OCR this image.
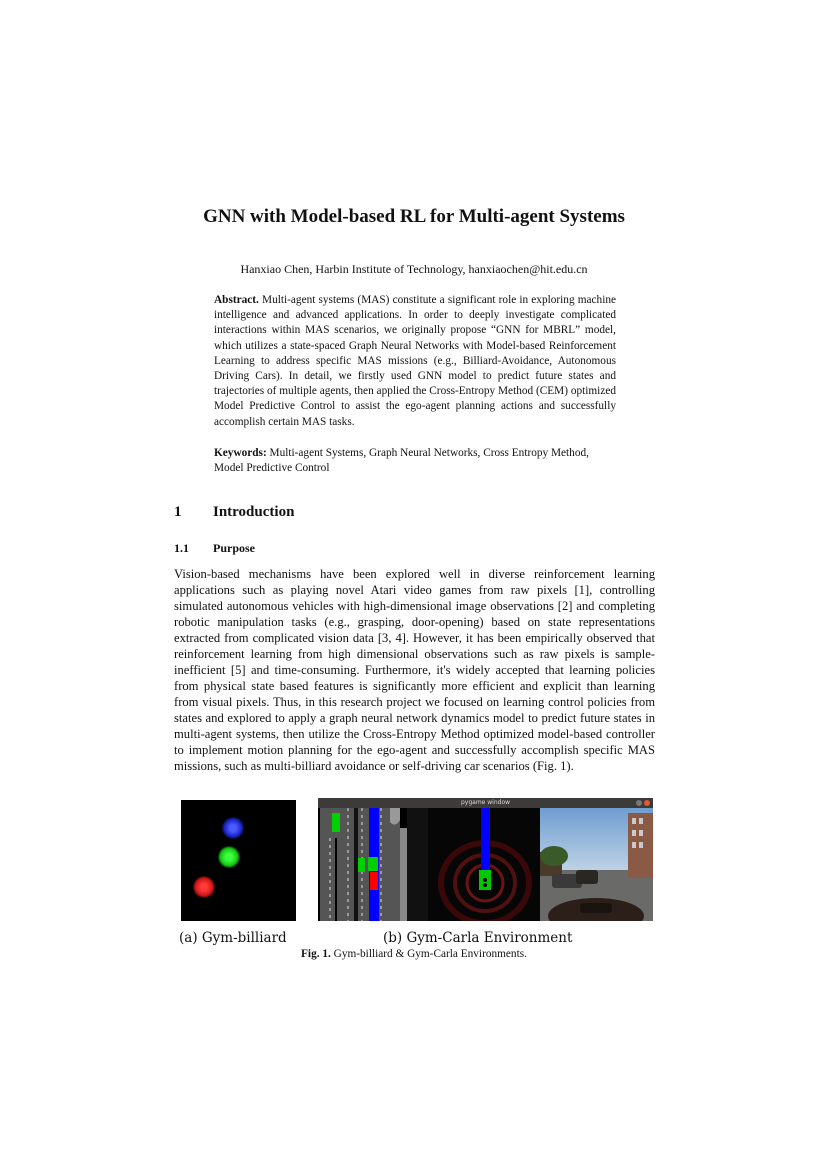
GNN with Model-based RL for Multi-agent Systems
Hanxiao Chen, Harbin Institute of Technology, hanxiaochen@hit.edu.cn
Abstract. Multi-agent systems (MAS) constitute a significant role in exploring machine intelligence and advanced applications. In order to deeply investigate complicated interactions within MAS scenarios, we originally propose “GNN for MBRL” model, which utilizes a state-spaced Graph Neural Networks with Model-based Reinforcement Learning to address specific MAS missions (e.g., Billiard-Avoidance, Autonomous Driving Cars). In detail, we firstly used GNN model to predict future states and trajectories of multiple agents, then applied the Cross-Entropy Method (CEM) optimized Model Predictive Control to assist the ego-agent planning actions and successfully accomplish certain MAS tasks.
Keywords: Multi-agent Systems, Graph Neural Networks, Cross Entropy Method, Model Predictive Control
1 Introduction
1.1 Purpose
Vision-based mechanisms have been explored well in diverse reinforcement learning applications such as playing novel Atari video games from raw pixels [1], controlling simulated autonomous vehicles with high-dimensional image observations [2] and completing robotic manipulation tasks (e.g., grasping, door-opening) based on state representations extracted from complicated vision data [3, 4]. However, it has been empirically observed that reinforcement learning from high dimensional observations such as raw pixels is sample-inefficient [5] and time-consuming. Furthermore, it's widely accepted that learning policies from physical state based features is significantly more efficient and explicit than learning from visual pixels. Thus, in this research project we focused on learning control policies from states and explored to apply a graph neural network dynamics model to predict future states in multi-agent systems, then utilize the Cross-Entropy Method optimized model-based controller to implement motion planning for the ego-agent and successfully accomplish specific MAS missions, such as multi-billiard avoidance or self-driving car scenarios (Fig. 1).
pygame window
(a) Gym-billiard	(b) Gym-Carla Environment
Fig. 1. Gym-billiard & Gym-Carla Environments.
